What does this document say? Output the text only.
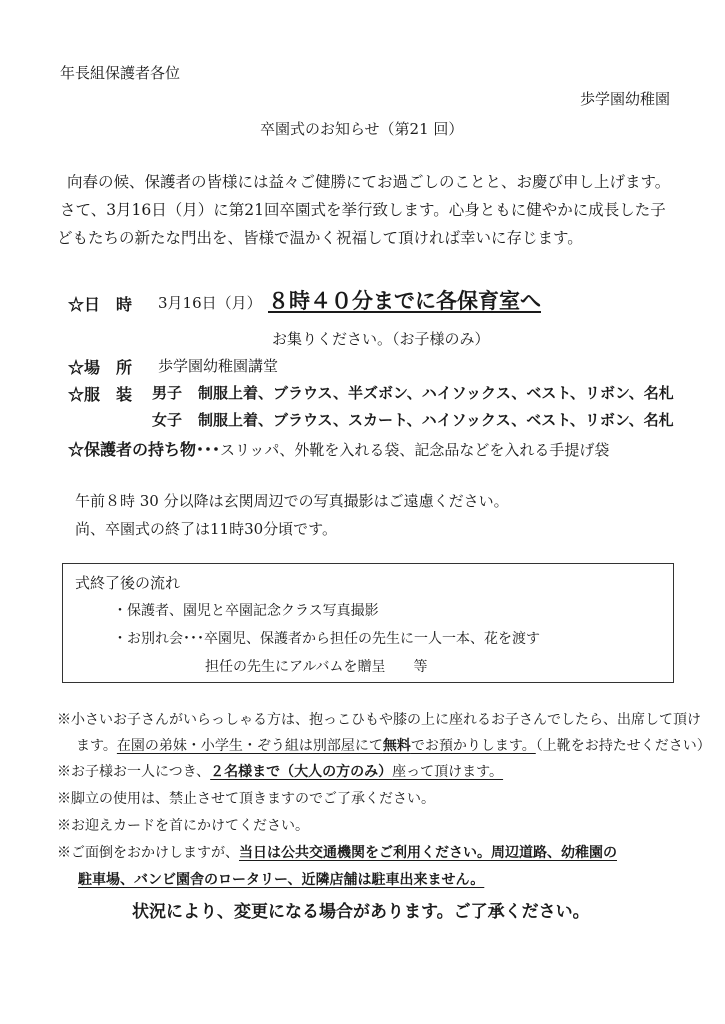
年長組保護者各位
歩学園幼稚園
卒園式のお知らせ（第21 回）
向春の候、保護者の皆様には益々ご健勝にてお過ごしのことと、お慶び申し上げます。
さて、3月16日（月）に第21回卒園式を挙行致します。心身ともに健やかに成長した子
どもたちの新たな門出を、皆様で温かく祝福して頂ければ幸いに存じます。
☆日　時 3月16日（月） ８時４０分までに各保育室へ
お集りください。（お子様のみ）
☆場　所 歩学園幼稚園講堂
☆服　装 男子 制服上着、ブラウス、半ズボン、ハイソックス、ベスト、リボン、名札
女子 制服上着、ブラウス、スカート、ハイソックス、ベスト、リボン、名札
☆保護者の持ち物･･･スリッパ、外靴を入れる袋、記念品などを入れる手提げ袋
午前８時 30 分以降は玄関周辺での写真撮影はご遠慮ください。
尚、卒園式の終了は11時30分頃です。
式終了後の流れ
・保護者、園児と卒園記念クラス写真撮影
・お別れ会･･･卒園児、保護者から担任の先生に一人一本、花を渡す
担任の先生にアルバムを贈呈　　等
※小さいお子さんがいらっしゃる方は、抱っこひもや膝の上に座れるお子さんでしたら、出席して頂け
ます。在園の弟妹・小学生・ぞう組は別部屋にて無料でお預かりします。（上靴をお持たせください）
※お子様お一人につき、２名様まで（大人の方のみ）座って頂けます。
※脚立の使用は、禁止させて頂きますのでご了承ください。
※お迎えカードを首にかけてください。
※ご面倒をおかけしますが、当日は公共交通機関をご利用ください。周辺道路、幼稚園の
駐車場、バンビ園舎のロータリー、近隣店舗は駐車出来ません。
状況により、変更になる場合があります。ご了承ください。
